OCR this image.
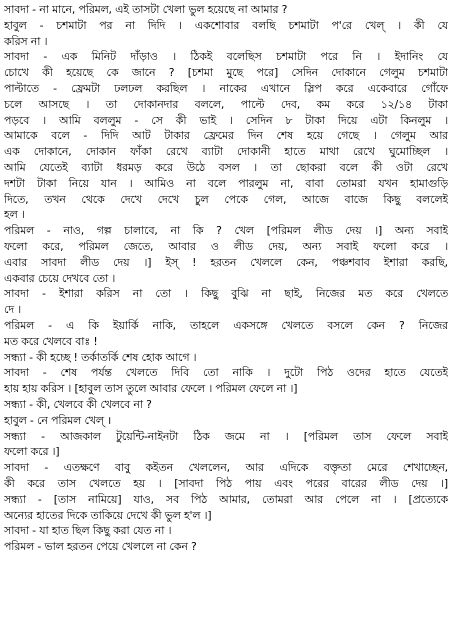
সাবদা - না মানে, পরিমল, এই তাসটা খেলা ভুল হয়েছে না আমার ?
হাবুল - চশমাটা পর না দিদি । একশোবার বলছি চশমাটা প'রে খেল্‌ । কী যে
করিস না ।
সাবদা - এক মিনিট দাঁড়াও । ঠিকই বলেছিস চশমাটা পরে নি । ইদানিং যে
চোখে কী হয়েছে কে জানে ? [চশমা মুছে পরে] সেদিন দোকানে গেলুম চশমাটা
পাল্টাতে - ফ্রেমটা ঢলঢল করছিল । নাকের এখানে স্লিপ করে একেবারে গোঁফে
চলে আসছে । তা দোকানদার বললে, পাল্টে দেব, কম করে ১২/১৪ টাকা
পড়বে । আমি বললুম - সে কী ভাই । সেদিন ৮ টাকা দিয়ে এটা কিনলুম ।
আমাকে বলে - দিদি আট টাকার ফ্রেমের দিন শেষ হয়ে গেছে । গেলুম আর
এক দোকানে, দোকান ফাঁকা রেখে ব্যাটা দোকানী হাতে মাথা রেখে ঘুমোচ্ছিল ।
আমি যেতেই ব্যাটা ধরমড় করে উঠে বসল । তা ছোকরা বলে কী ওটা রেখে
দশটা টাকা নিয়ে যান । আমিও না বলে পারলুম না, বাবা তোমরা যখন হামাগুড়ি
দিতে, তখন থেকে দেখে দেখে চুল পেকে গেল, আজে বাজে কিছু বললেই
হল ।
পরিমল - নাও, গল্প চালাবে, না কি ? খেল [পরিমল লীড দেয় ।] অন্য সবাই
ফলো করে, পরিমল জেতে, আবার ও লীড দেয়, অন্য সবাই ফলো করে ।
এবার সাবদা লীড দেয় ।] ইস্‌ ! হরতন খেললে কেন, পঞ্চশবাব ইশারা করছি,
একবার চেয়ে দেখবে তো ।
সাবদা - ইশারা করিস না তো । কিছু বুঝি না ছাই, নিজের মত করে খেলতে
দে ।
পরিমল - এ কি ইয়ার্কি নাকি, তাহলে একসঙ্গে খেলতে বসলে কেন ? নিজের
মত করে খেলবে বাঃ !
সন্ধ্যা - কী হচ্ছে ! তর্কাতর্কি শেষ হোক আগে ।
সাবদা - শেষ পর্যন্ত খেলতে দিবি তো নাকি । দুটো পিঠ ওদের হাতে যেতেই
হায় হায় করিস । [হাবুল তাস তুলে আবার ফেলে । পরিমল ফেলে না ।]
সন্ধ্যা - কী, খেলবে কী খেলবে না ?
হাবুল - নে পরিমল খেল্‌ ।
সন্ধ্যা - আজকাল টুয়েন্টি-নাইনটা ঠিক জমে না । [পরিমল তাস ফেলে সবাই
ফলো করে ।]
সাবদা - এতক্ষণে বাবু কইতন খেললেন, আর এদিকে বক্তৃতা মেরে শেখাচ্ছেন,
কী করে তাস খেলতে হয় । [সাবদা পিঠ পায় এবং পরের বারের লীড দেয় ।]
সন্ধ্যা - [তাস নামিয়ে] যাও, সব পিঠ আমার, তোমরা আর পেলে না । [প্রত্যেকে
অন্যের হাতের দিকে তাকিয়ে দেখে কী ভুল হ'ল ।]
সাবদা - যা হাত ছিল কিছু করা যেত না ।
পরিমল - ভাল হরতন পেয়ে খেললে না কেন ?
